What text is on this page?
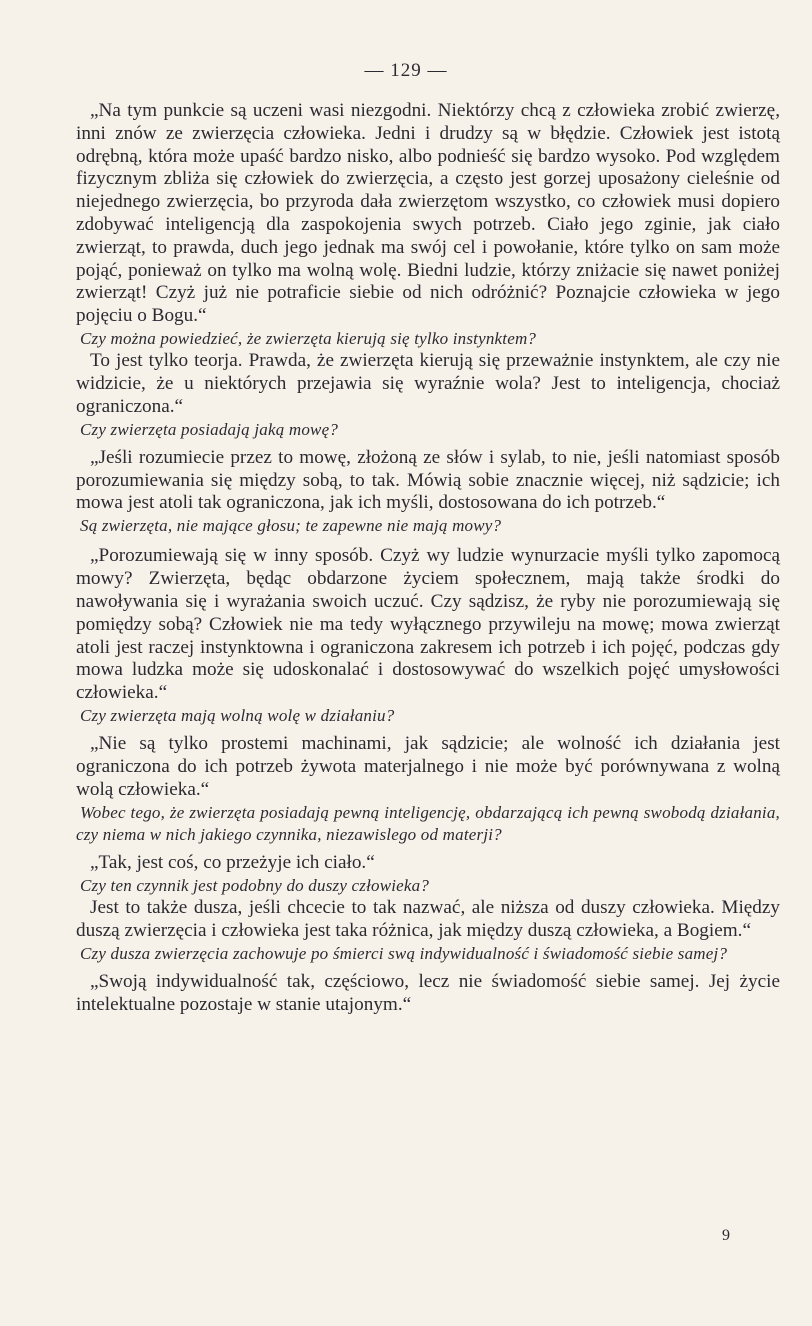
— 129 —

„Na tym punkcie są uczeni wasi niezgodni. Niektórzy chcą z człowieka zrobić zwierzę, inni znów ze zwierzęcia człowieka. Jedni i drudzy są w błędzie. Człowiek jest istotą odrębną, która może upaść bardzo nisko, albo podnieść się bardzo wysoko. Pod względem fizycznym zbliża się człowiek do zwierzęcia, a często jest gorzej uposażony cieleśnie od niejednego zwierzęcia, bo przyroda dała zwierzętom wszystko, co człowiek musi dopiero zdobywać inteligencją dla zaspokojenia swych potrzeb. Ciało jego zginie, jak ciało zwierząt, to prawda, duch jego jednak ma swój cel i powołanie, które tylko on sam może pojąć, ponieważ on tylko ma wolną wolę. Biedni ludzie, którzy zniżacie się nawet poniżej zwierząt! Czyż już nie potraficie siebie od nich odróżnić? Poznajcie człowieka w jego pojęciu o Bogu.“

Czy można powiedzieć, że zwierzęta kierują się tylko instynktem?

To jest tylko teorja. Prawda, że zwierzęta kierują się przeważnie instynktem, ale czy nie widzicie, że u niektórych przejawia się wyraźnie wola? Jest to inteligencja, chociaż ograniczona.“

Czy zwierzęta posiadają jaką mowę?

„Jeśli rozumiecie przez to mowę, złożoną ze słów i sylab, to nie, jeśli natomiast sposób porozumiewania się między sobą, to tak. Mówią sobie znacznie więcej, niż sądzicie; ich mowa jest atoli tak ograniczona, jak ich myśli, dostosowana do ich potrzeb.“

Są zwierzęta, nie mające głosu; te zapewne nie mają mowy?

„Porozumiewają się w inny sposób. Czyż wy ludzie wynurzacie myśli tylko zapomocą mowy? Zwierzęta, będąc obdarzone życiem społecznem, mają także środki do nawoływania się i wyrażania swoich uczuć. Czy sądzisz, że ryby nie porozumiewają się pomiędzy sobą? Człowiek nie ma tedy wyłącznego przywileju na mowę; mowa zwierząt atoli jest raczej instynktowna i ograniczona zakresem ich potrzeb i ich pojęć, podczas gdy mowa ludzka może się udoskonalać i dostosowywać do wszelkich pojęć umysłowości człowieka.“

Czy zwierzęta mają wolną wolę w działaniu?

„Nie są tylko prostemi machinami, jak sądzicie; ale wolność ich działania jest ograniczona do ich potrzeb żywota materjalnego i nie może być porównywana z wolną wolą człowieka.“

Wobec tego, że zwierzęta posiadają pewną inteligencję, obdarzającą ich pewną swobodą działania, czy niema w nich jakiego czynnika, niezawislego od materji?

„Tak, jest coś, co przeżyje ich ciało.“

Czy ten czynnik jest podobny do duszy człowieka?

Jest to także dusza, jeśli chcecie to tak nazwać, ale niższa od duszy człowieka. Między duszą zwierzęcia i człowieka jest taka różnica, jak między duszą człowieka, a Bogiem.“

Czy dusza zwierzęcia zachowuje po śmierci swą indywidualność i świadomość siebie samej?

„Swoją indywidualność tak, częściowo, lecz nie świadomość siebie samej. Jej życie intelektualne pozostaje w stanie utajonym.“

9
